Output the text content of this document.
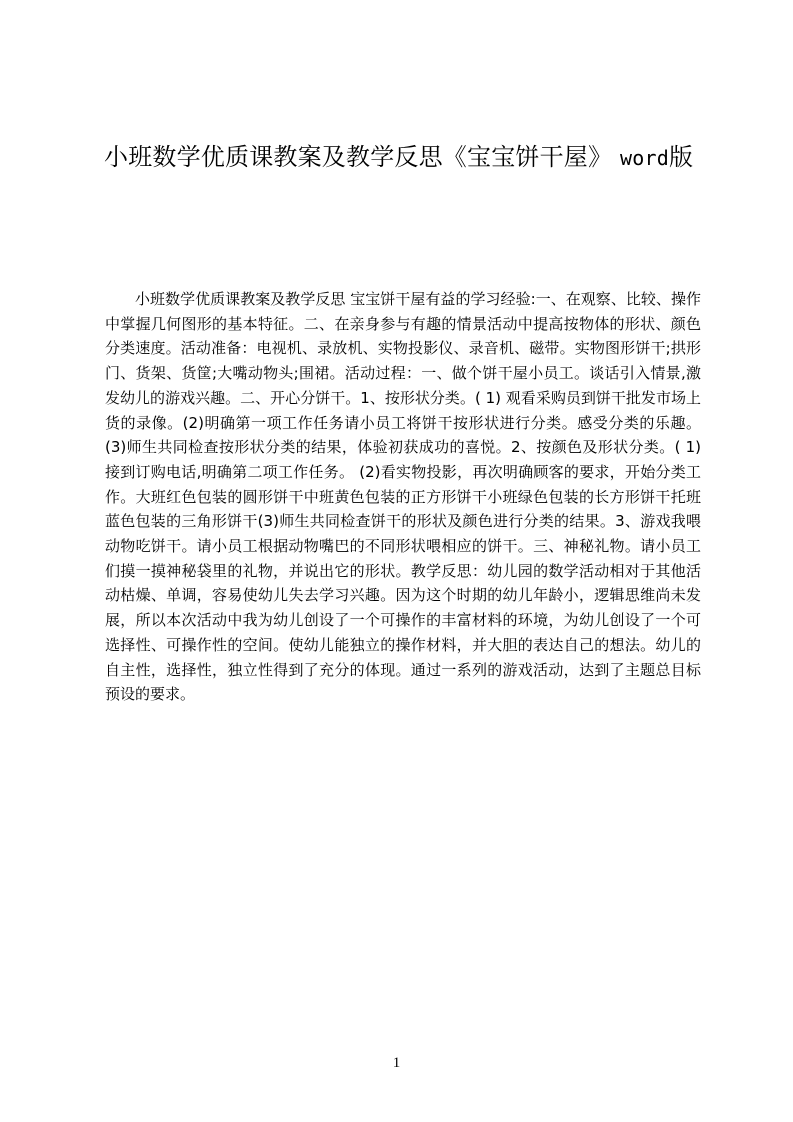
小班数学优质课教案及教学反思《宝宝饼干屋》 word版
小班数学优质课教案及教学反思 宝宝饼干屋有益的学习经验:一、在观察、比较、操作中掌握几何图形的基本特征。二、在亲身参与有趣的情景活动中提高按物体的形状、颜色分类速度。活动准备：电视机、录放机、实物投影仪、录音机、磁带。实物图形饼干;拱形门、货架、货筐;大嘴动物头;围裙。活动过程：一、做个饼干屋小员工。谈话引入情景,激发幼儿的游戏兴趣。二、开心分饼干。1、按形状分类。( 1) 观看采购员到饼干批发市场上货的录像。(2)明确第一项工作任务请小员工将饼干按形状进行分类。感受分类的乐趣。(3)师生共同检查按形状分类的结果，体验初获成功的喜悦。2、按颜色及形状分类。( 1)接到订购电话,明确第二项工作任务。 (2)看实物投影，再次明确顾客的要求，开始分类工作。大班红色包装的圆形饼干中班黄色包装的正方形饼干小班绿色包装的长方形饼干托班蓝色包装的三角形饼干(3)师生共同检查饼干的形状及颜色进行分类的结果。3、游戏我喂动物吃饼干。请小员工根据动物嘴巴的不同形状喂相应的饼干。三、神秘礼物。请小员工们摸一摸神秘袋里的礼物，并说出它的形状。教学反思：幼儿园的数学活动相对于其他活动枯燥、单调，容易使幼儿失去学习兴趣。因为这个时期的幼儿年龄小，逻辑思维尚未发展，所以本次活动中我为幼儿创设了一个可操作的丰富材料的环境，为幼儿创设了一个可选择性、可操作性的空间。使幼儿能独立的操作材料，并大胆的表达自己的想法。幼儿的自主性，选择性，独立性得到了充分的体现。通过一系列的游戏活动，达到了主题总目标预设的要求。
1
